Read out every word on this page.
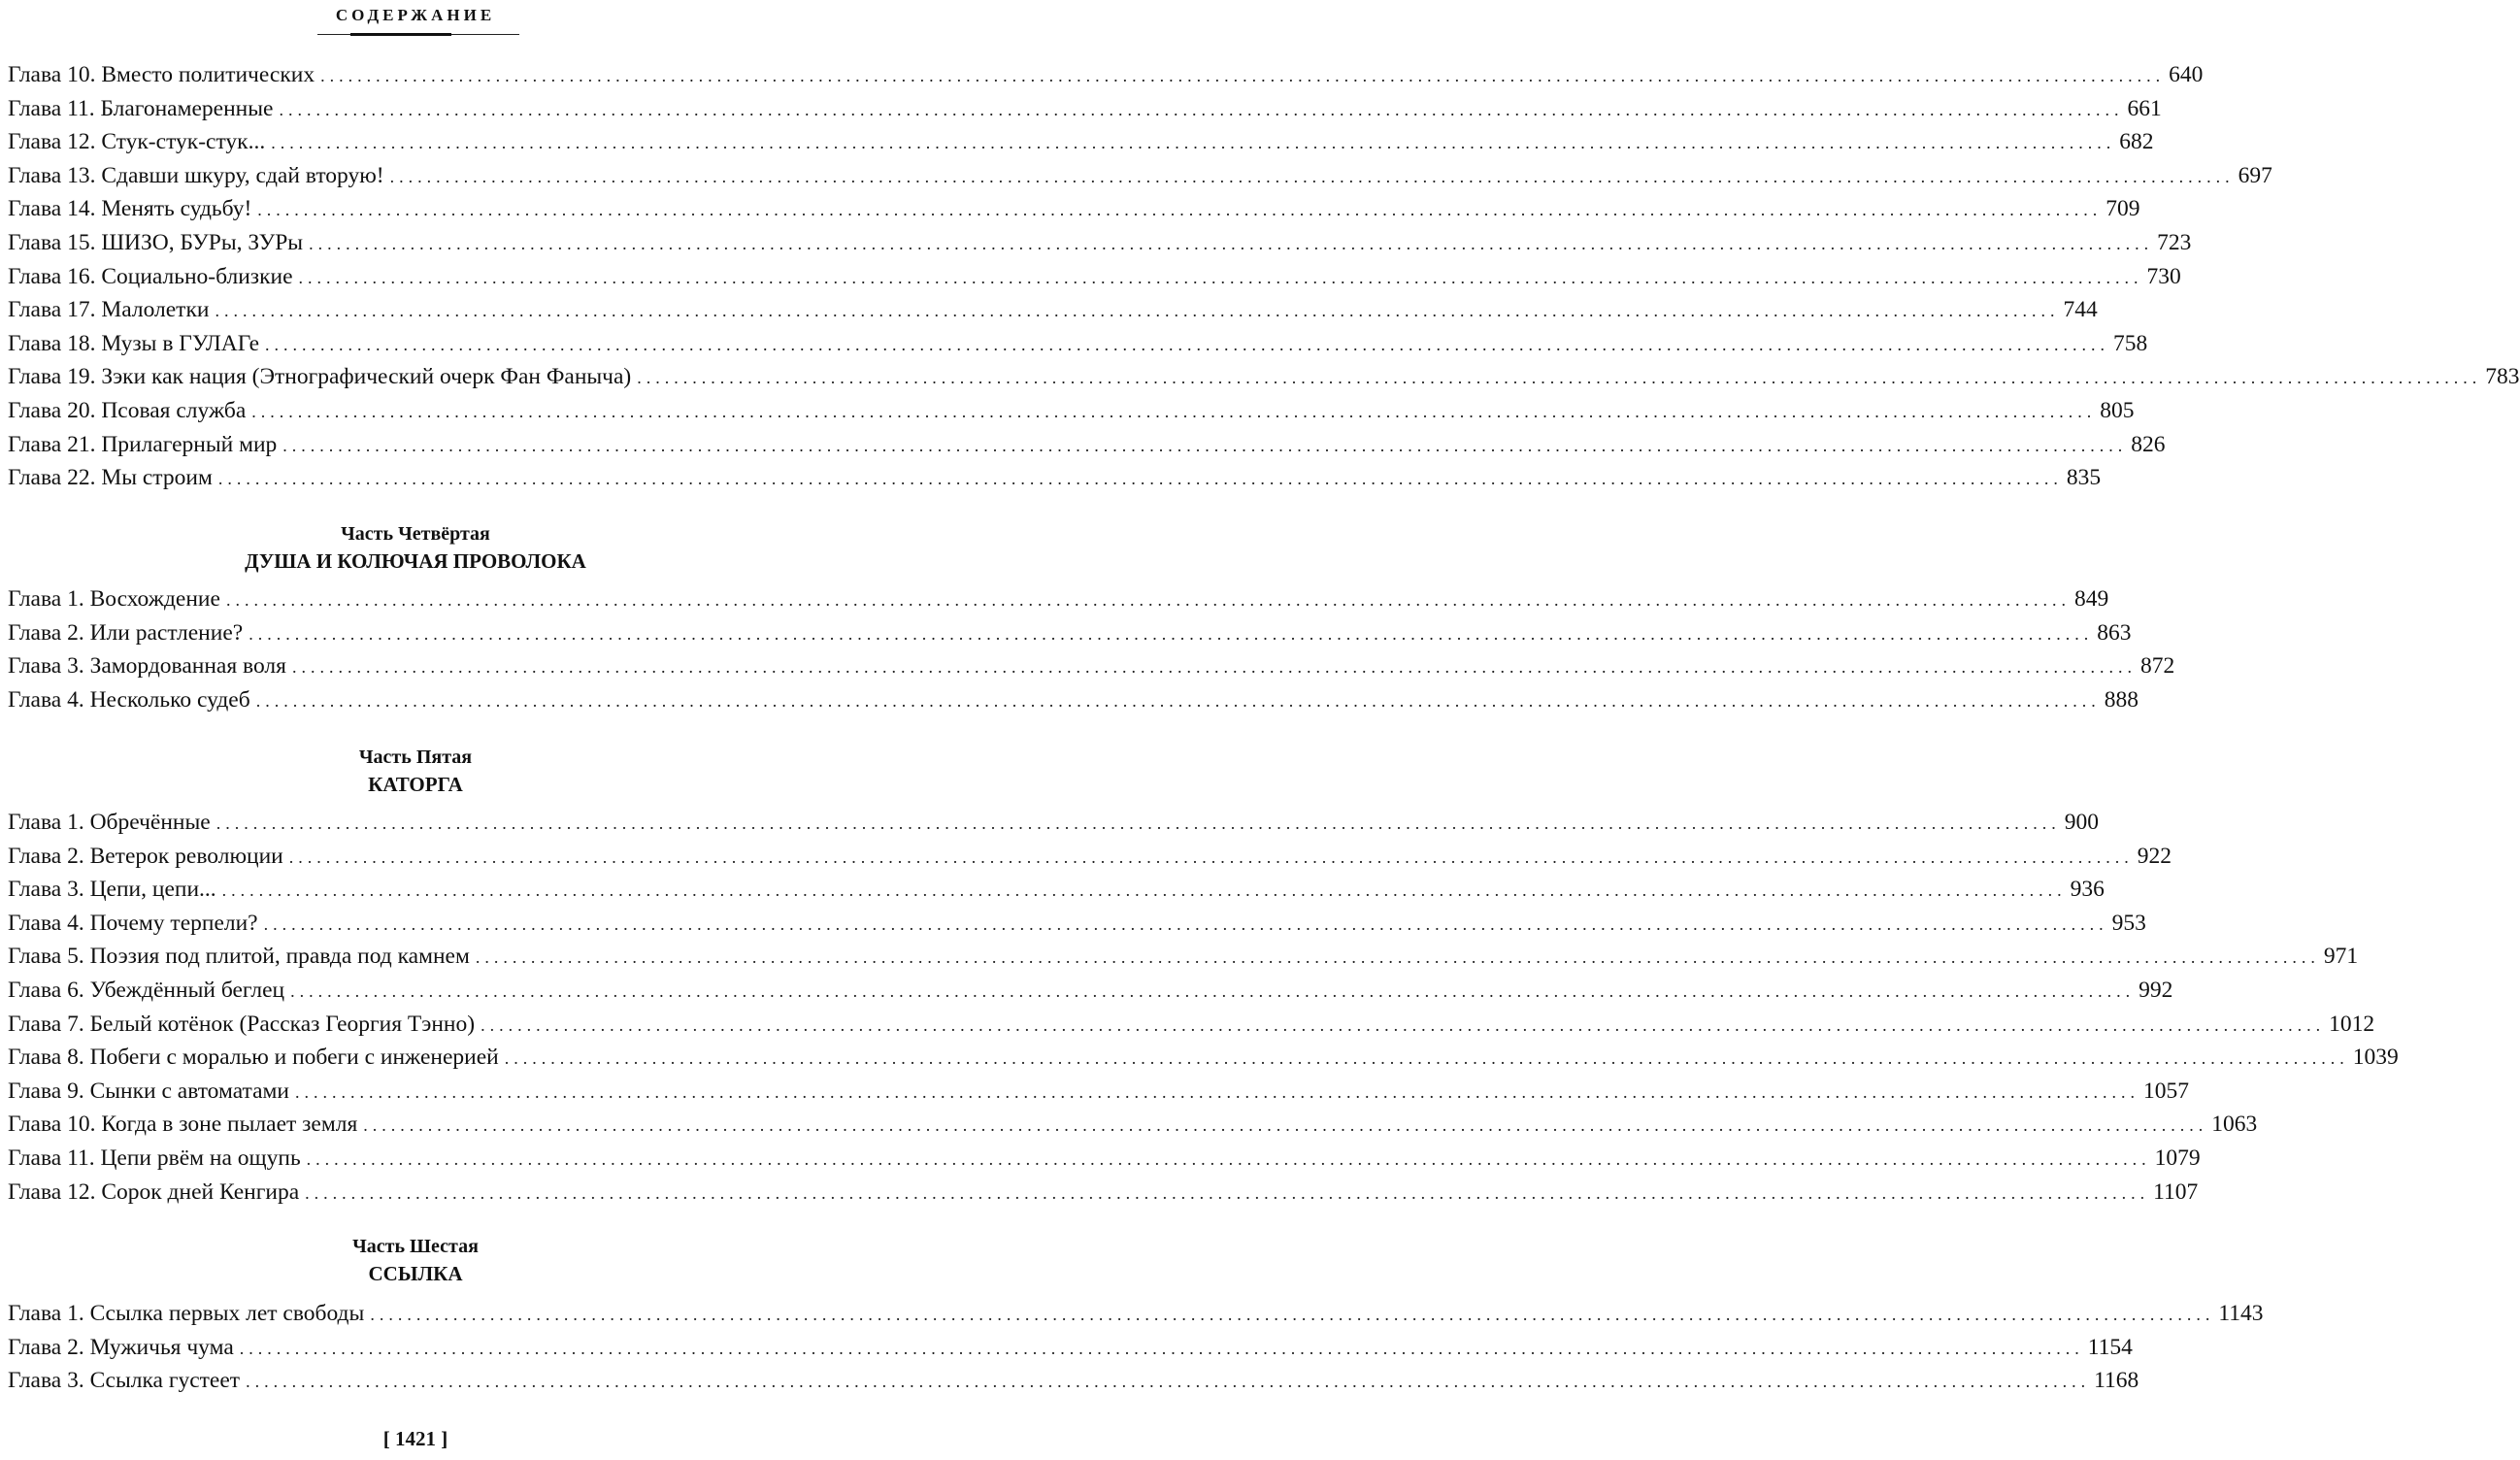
СОДЕРЖАНИЕ
Глава 10. Вместо политических ........................................................................................................................................................................................................ 640
Глава 11. Благонамеренные ........................................................................................................................................................................................................ 661
Глава 12. Стук-стук-стук... ........................................................................................................................................................................................................ 682
Глава 13. Сдавши шкуру, сдай вторую! ........................................................................................................................................................................................................ 697
Глава 14. Менять судьбу! ........................................................................................................................................................................................................ 709
Глава 15. ШИЗО, БУРы, ЗУРы ........................................................................................................................................................................................................ 723
Глава 16. Социально-близкие ........................................................................................................................................................................................................ 730
Глава 17. Малолетки ........................................................................................................................................................................................................ 744
Глава 18. Музы в ГУЛАГе ........................................................................................................................................................................................................ 758
Глава 19. Зэки как нация (Этнографический очерк Фан Фаныча) ........................................................................................................................................................................................................ 783
Глава 20. Псовая служба ........................................................................................................................................................................................................ 805
Глава 21. Прилагерный мир ........................................................................................................................................................................................................ 826
Глава 22. Мы строим ........................................................................................................................................................................................................ 835
Часть Четвёртая
ДУША И КОЛЮЧАЯ ПРОВОЛОКА
Глава 1. Восхождение ........................................................................................................................................................................................................ 849
Глава 2. Или растление? ........................................................................................................................................................................................................ 863
Глава 3. Замордованная воля ........................................................................................................................................................................................................ 872
Глава 4. Несколько судеб ........................................................................................................................................................................................................ 888
Часть Пятая
КАТОРГА
Глава 1. Обречённые ........................................................................................................................................................................................................ 900
Глава 2. Ветерок революции ........................................................................................................................................................................................................ 922
Глава 3. Цепи, цепи... ........................................................................................................................................................................................................ 936
Глава 4. Почему терпели? ........................................................................................................................................................................................................ 953
Глава 5. Поэзия под плитой, правда под камнем ........................................................................................................................................................................................................ 971
Глава 6. Убеждённый беглец ........................................................................................................................................................................................................ 992
Глава 7. Белый котёнок (Рассказ Георгия Тэнно) ........................................................................................................................................................................................................ 1012
Глава 8. Побеги с моралью и побеги с инженерией ........................................................................................................................................................................................................ 1039
Глава 9. Сынки с автоматами ........................................................................................................................................................................................................ 1057
Глава 10. Когда в зоне пылает земля ........................................................................................................................................................................................................ 1063
Глава 11. Цепи рвём на ощупь ........................................................................................................................................................................................................ 1079
Глава 12. Сорок дней Кенгира ........................................................................................................................................................................................................ 1107
Часть Шестая
ССЫЛКА
Глава 1. Ссылка первых лет свободы ........................................................................................................................................................................................................ 1143
Глава 2. Мужичья чума ........................................................................................................................................................................................................ 1154
Глава 3. Ссылка густеет ........................................................................................................................................................................................................ 1168
[ 1421 ]
